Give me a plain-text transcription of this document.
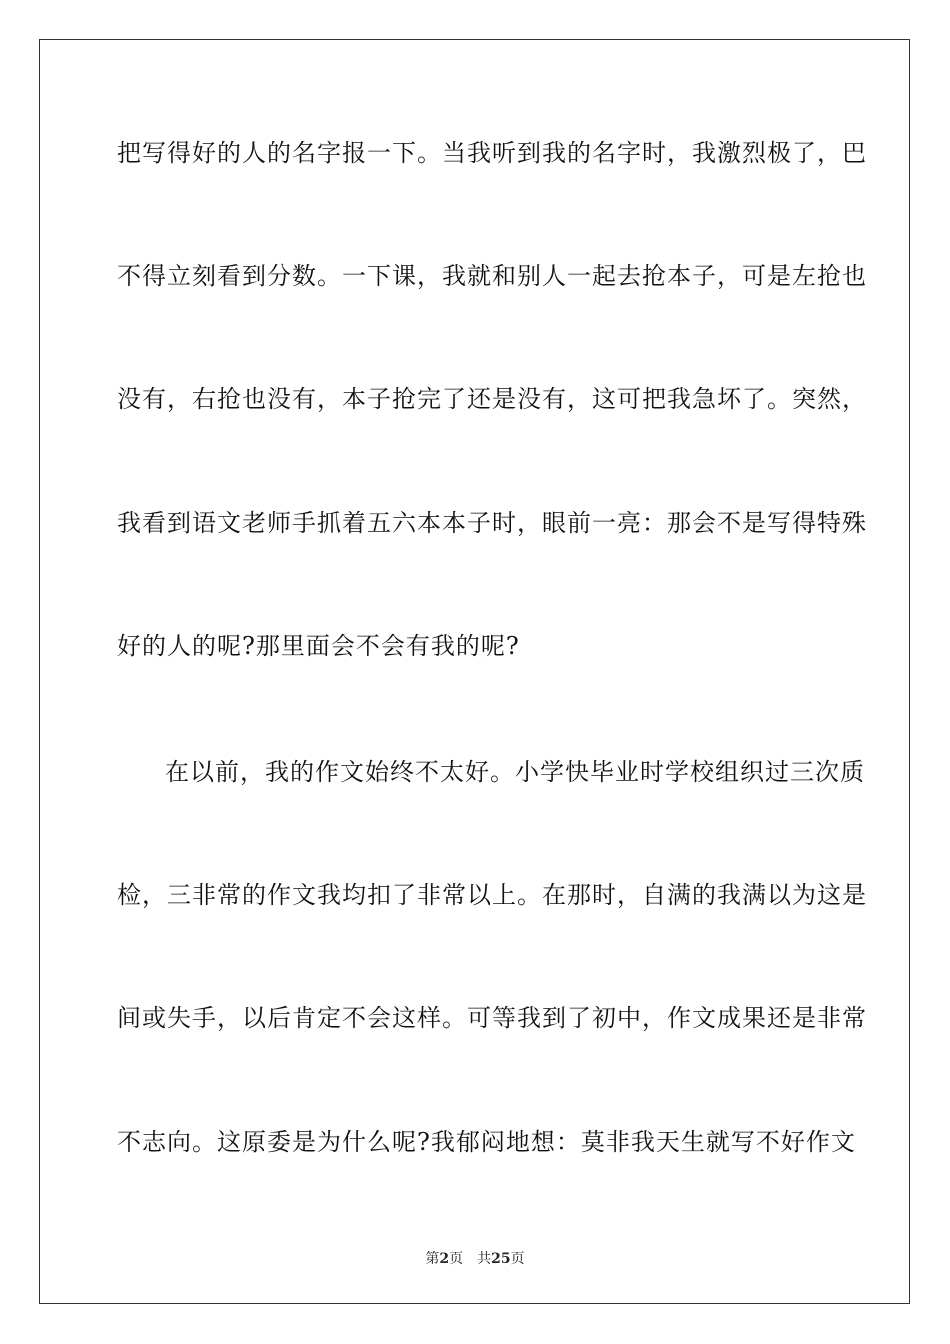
把写得好的人的名字报一下。当我听到我的名字时，我激烈极了，巴
不得立刻看到分数。一下课，我就和别人一起去抢本子，可是左抢也
没有，右抢也没有，本子抢完了还是没有，这可把我急坏了。突然，
我看到语文老师手抓着五六本本子时，眼前一亮：那会不是写得特殊
好的人的呢?那里面会不会有我的呢?
在以前，我的作文始终不太好。小学快毕业时学校组织过三次质
检，三非常的作文我均扣了非常以上。在那时，自满的我满以为这是
间或失手，以后肯定不会这样。可等我到了初中，作文成果还是非常
不志向。这原委是为什么呢?我郁闷地想：莫非我天生就写不好作文
第2页 共25页
